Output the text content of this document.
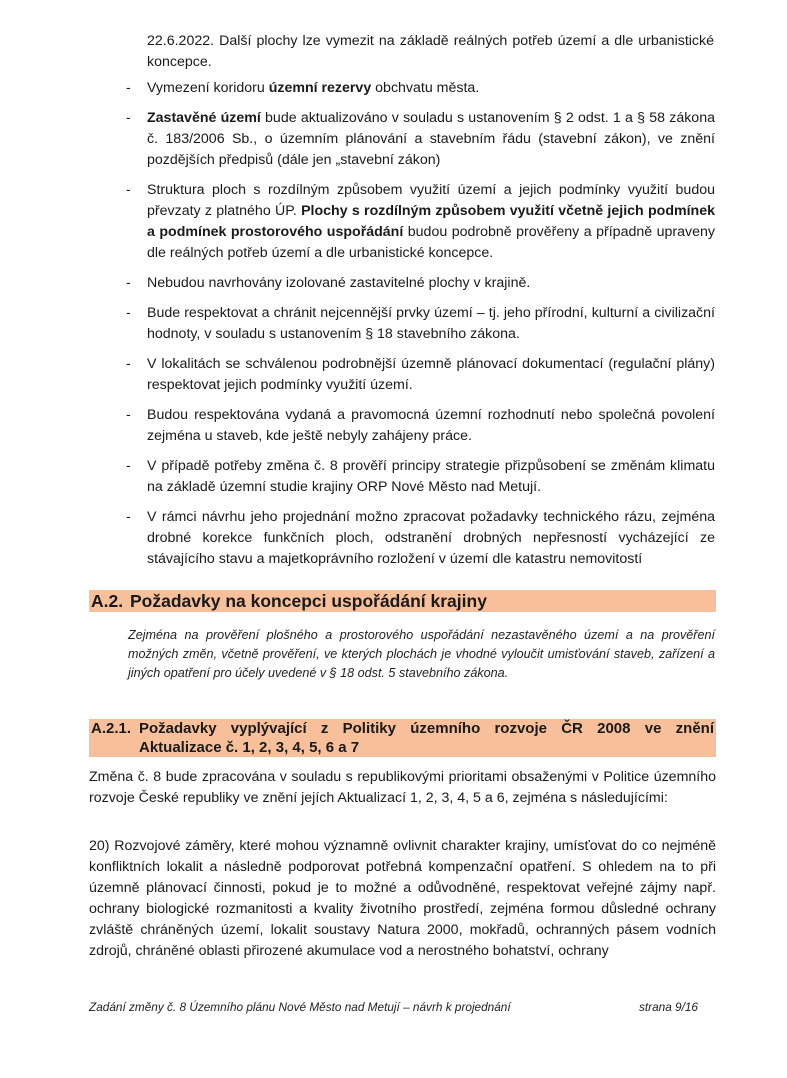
22.6.2022. Další plochy lze vymezit na základě reálných potřeb území a dle urbanistické koncepce.
- Vymezení koridoru územní rezervy obchvatu města.
- Zastavěné území bude aktualizováno v souladu s ustanovením § 2 odst. 1 a § 58 zákona č. 183/2006 Sb., o územním plánování a stavebním řádu (stavební zákon), ve znění pozdějších předpisů (dále jen „stavební zákon)
- Struktura ploch s rozdílným způsobem využití území a jejich podmínky využití budou převzaty z platného ÚP. Plochy s rozdílným způsobem využití včetně jejich podmínek a podmínek prostorového uspořádání budou podrobně prověřeny a případně upraveny dle reálných potřeb území a dle urbanistické koncepce.
- Nebudou navrhovány izolované zastavitelné plochy v krajině.
- Bude respektovat a chránit nejcennější prvky území – tj. jeho přírodní, kulturní a civilizační hodnoty, v souladu s ustanovením § 18 stavebního zákona.
- V lokalitách se schválenou podrobnější územně plánovací dokumentací (regulační plány) respektovat jejich podmínky využití území.
- Budou respektována vydaná a pravomocná územní rozhodnutí nebo společná povolení zejména u staveb, kde ještě nebyly zahájeny práce.
- V případě potřeby změna č. 8 prověří principy strategie přizpůsobení se změnám klimatu na základě územní studie krajiny ORP Nové Město nad Metují.
- V rámci návrhu jeho projednání možno zpracovat požadavky technického rázu, zejména drobné korekce funkčních ploch, odstranění drobných nepřesností vycházející ze stávajícího stavu a majetkoprávního rozložení v území dle katastru nemovitostí
A.2. Požadavky na koncepci uspořádání krajiny
Zejména na prověření plošného a prostorového uspořádání nezastavěného území a na prověření možných změn, včetně prověření, ve kterých plochách je vhodné vyloučit umisťování staveb, zařízení a jiných opatření pro účely uvedené v § 18 odst. 5 stavebního zákona.
A.2.1. Požadavky vyplývající z Politiky územního rozvoje ČR 2008 ve znění
Aktualizace č. 1, 2, 3, 4, 5, 6 a 7
Změna č. 8 bude zpracována v souladu s republikovými prioritami obsaženými v Politice územního rozvoje České republiky ve znění jejích Aktualizací 1, 2, 3, 4, 5 a 6, zejména s následujícími:
20) Rozvojové záměry, které mohou významně ovlivnit charakter krajiny, umísťovat do co nejméně konfliktních lokalit a následně podporovat potřebná kompenzační opatření. S ohledem na to při územně plánovací činnosti, pokud je to možné a odůvodněné, respektovat veřejné zájmy např. ochrany biologické rozmanitosti a kvality životního prostředí, zejména formou důsledné ochrany zvláště chráněných území, lokalit soustavy Natura 2000, mokřadů, ochranných pásem vodních zdrojů, chráněné oblasti přirozené akumulace vod a nerostného bohatství, ochrany
Zadání změny č. 8 Územního plánu Nové Město nad Metují – návrh k projednání	strana 9/16
